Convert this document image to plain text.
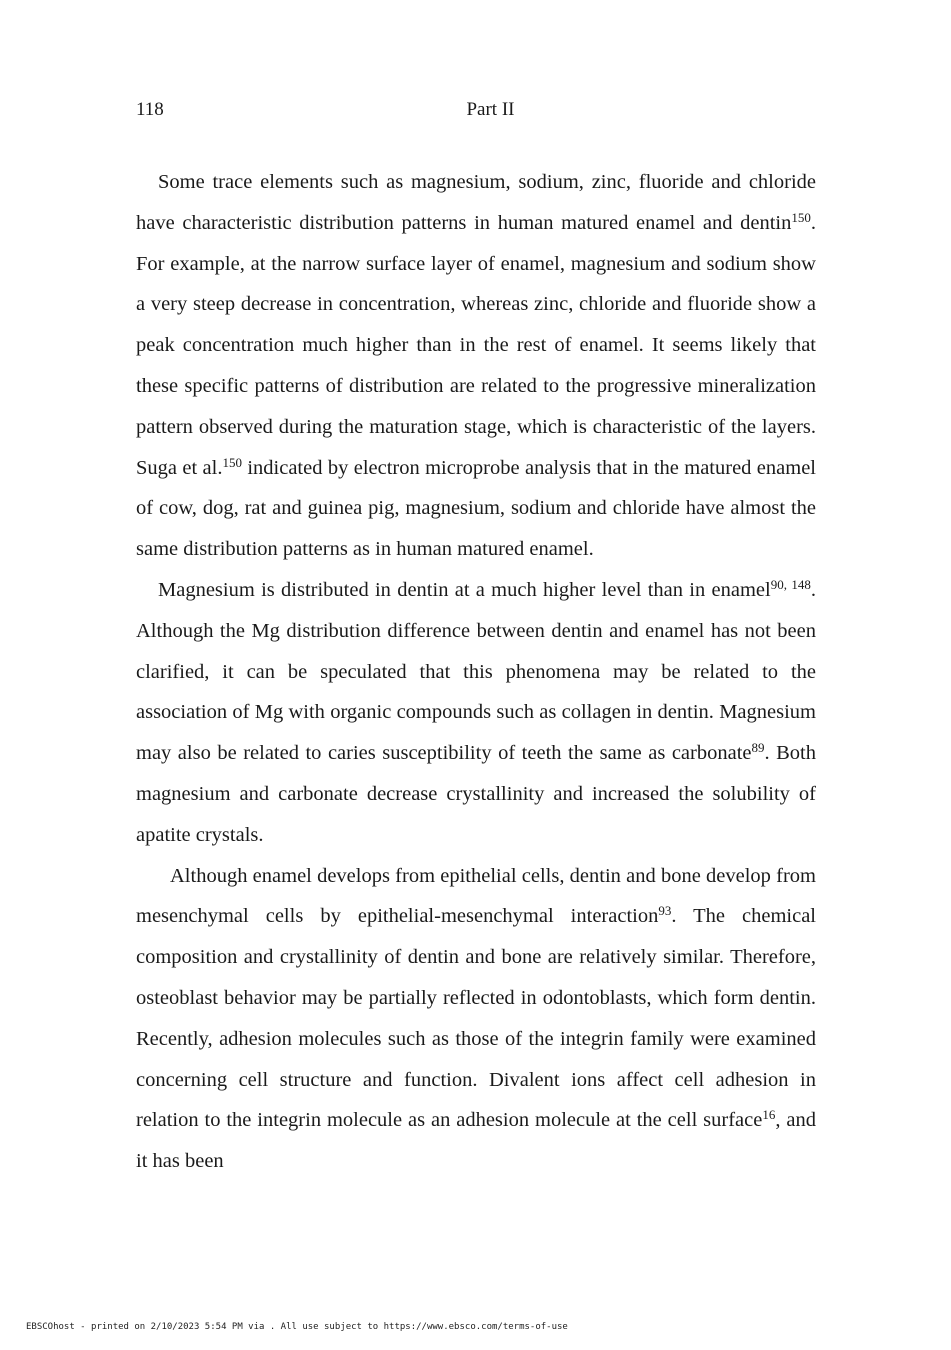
118	Part II

Some trace elements such as magnesium, sodium, zinc, fluoride and chloride have characteristic distribution patterns in human matured enamel and dentin$^{150}$. For example, at the narrow surface layer of enamel, magnesium and sodium show a very steep decrease in concentration, whereas zinc, chloride and fluoride show a peak concentration much higher than in the rest of enamel. It seems likely that these specific patterns of distribution are related to the progressive mineralization pattern observed during the maturation stage, which is characteristic of the layers. Suga et al.$^{150}$ indicated by electron microprobe analysis that in the matured enamel of cow, dog, rat and guinea pig, magnesium, sodium and chloride have almost the same distribution patterns as in human matured enamel.

Magnesium is distributed in dentin at a much higher level than in enamel$^{90, 148}$. Although the Mg distribution difference between dentin and enamel has not been clarified, it can be speculated that this phenomena may be related to the association of Mg with organic compounds such as collagen in dentin. Magnesium may also be related to caries susceptibility of teeth the same as carbonate$^{89}$. Both magnesium and carbonate decrease crystallinity and increased the solubility of apatite crystals.

Although enamel develops from epithelial cells, dentin and bone develop from mesenchymal cells by epithelial-mesenchymal interaction$^{93}$. The chemical composition and crystallinity of dentin and bone are relatively similar. Therefore, osteoblast behavior may be partially reflected in odontoblasts, which form dentin. Recently, adhesion molecules such as those of the integrin family were examined concerning cell structure and function. Divalent ions affect cell adhesion in relation to the integrin molecule as an adhesion molecule at the cell surface$^{16}$, and it has been

EBSCOhost - printed on 2/10/2023 5:54 PM via . All use subject to https://www.ebsco.com/terms-of-use
